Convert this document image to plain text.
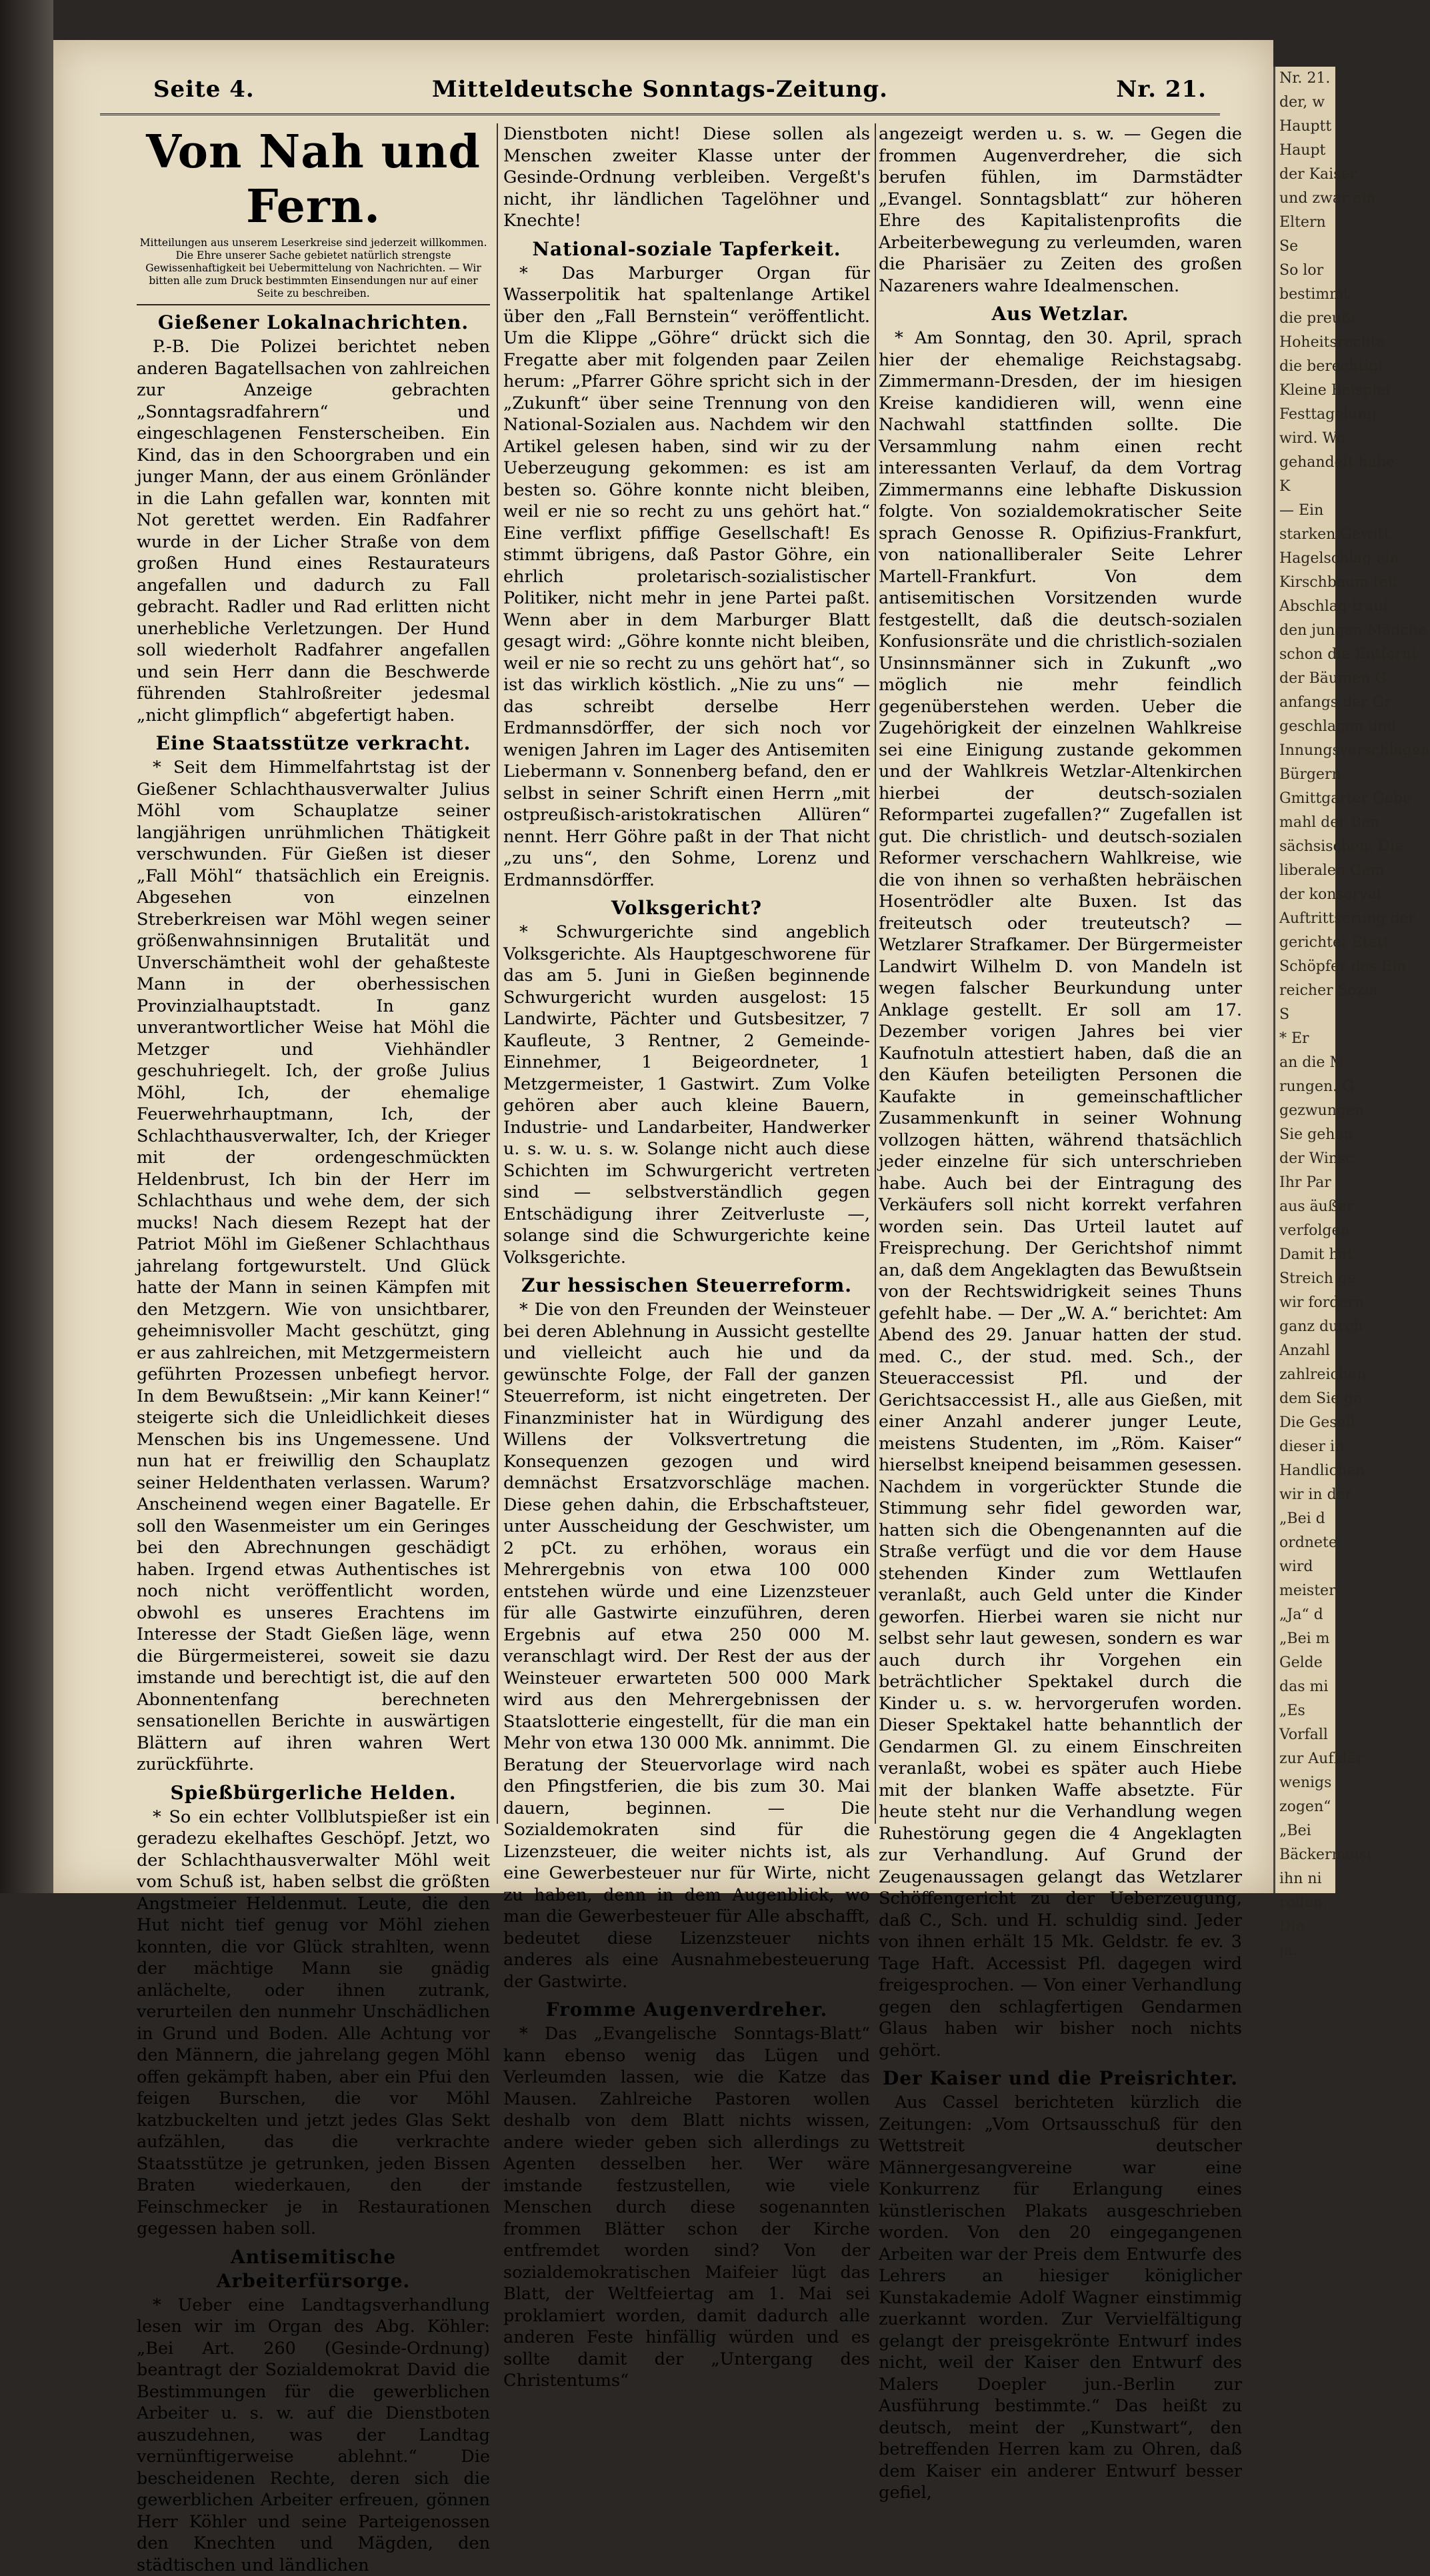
Nr. 21.
der, w
Hauptt
Haupt
der Kaiser
und zwar ein
Eltern
Se
So lor
bestimmt
die preußi
Hoheitsrechte
die berechtigt
Kleine Beispiel
Festtagelung
wird. Wo
gehandelt habe
K
— Ein
starken Gewitt
Hagelschlag ein
Kirschbaum teil
Abschlag traut
den jungen Mädche
schon die Entfernt
der Bäumen G
anfangs der Gr
geschlagen und
Innungsverschlägen
Bürgern
Gmittgarter Gebe
mahl der Ben
sächsischen. Die
liberalen Gam
der konservat
Auftrittserung der
gerichtet Etatt
Schöpfer des Ein
reicher Sozia
S
* Er
an die M
rungen. G
gezwungen
Sie gehen
der Winsc
Ihr Par
aus äußer
verfolgen
Damit hat
Streich ge
wir fordern
ganz durch
Anzahl
zahlreichen
dem Sie ge
Die Gesell
dieser in
Handlichen
wir in der
„Bei d
ordnete
wird
meister
„Ja“ d
„Bei m
Gelde
das mi
„Es
Vorfall
zur Aufklär
wenigs
zogen“
„Bei
Bäckermeist
ihn ni
rollen.
Die
ja.
Seite 4.	Mitteldeutsche Sonntags-Zeitung.	Nr. 21.
Von Nah und Fern.
Mitteilungen aus unserem Leserkreise sind jederzeit willkommen. Die Ehre unserer Sache gebietet natürlich strengste Gewissenhaftigkeit bei Uebermittelung von Nachrichten. — Wir bitten alle zum Druck bestimmten Einsendungen nur auf einer Seite zu beschreiben.
Gießener Lokalnachrichten.

P.-B. Die Polizei berichtet neben anderen Bagatellsachen von zahlreichen zur Anzeige gebrachten „Sonntagsradfahrern“ und eingeschlagenen Fensterscheiben. Ein Kind, das in den Schoorgraben und ein junger Mann, der aus einem Grönländer in die Lahn gefallen war, konnten mit Not gerettet werden. Ein Radfahrer wurde in der Licher Straße von dem großen Hund eines Restaurateurs angefallen und dadurch zu Fall gebracht. Radler und Rad erlitten nicht unerhebliche Verletzungen. Der Hund soll wiederholt Radfahrer angefallen und sein Herr dann die Beschwerde führenden Stahlroßreiter jedesmal „nicht glimpflich“ abgefertigt haben.

Eine Staatsstütze verkracht.

* Seit dem Himmelfahrtstag ist der Gießener Schlachthausverwalter Julius Möhl vom Schauplatze seiner langjährigen unrühmlichen Thätigkeit verschwunden. Für Gießen ist dieser „Fall Möhl“ thatsächlich ein Ereignis. Abgesehen von einzelnen Streberkreisen war Möhl wegen seiner größenwahnsinnigen Brutalität und Unverschämtheit wohl der gehaßteste Mann in der oberhessischen Provinzialhauptstadt. In ganz unverantwortlicher Weise hat Möhl die Metzger und Viehhändler geschuhriegelt. Ich, der große Julius Möhl, Ich, der ehemalige Feuerwehrhauptmann, Ich, der Schlachthausverwalter, Ich, der Krieger mit der ordengeschmückten Heldenbrust, Ich bin der Herr im Schlachthaus und wehe dem, der sich mucks! Nach diesem Rezept hat der Patriot Möhl im Gießener Schlachthaus jahrelang fortgewurstelt. Und Glück hatte der Mann in seinen Kämpfen mit den Metzgern. Wie von unsichtbarer, geheimnisvoller Macht geschützt, ging er aus zahlreichen, mit Metzgermeistern geführten Prozessen unbefiegt hervor. In dem Bewußtsein: „Mir kann Keiner!“ steigerte sich die Unleidlichkeit dieses Menschen bis ins Ungemessene. Und nun hat er freiwillig den Schauplatz seiner Heldenthaten verlassen. Warum? Anscheinend wegen einer Bagatelle. Er soll den Wasenmeister um ein Geringes bei den Abrechnungen geschädigt haben. Irgend etwas Authentisches ist noch nicht veröffentlicht worden, obwohl es unseres Erachtens im Interesse der Stadt Gießen läge, wenn die Bürgermeisterei, soweit sie dazu imstande und berechtigt ist, die auf den Abonnentenfang berechneten sensationellen Berichte in auswärtigen Blättern auf ihren wahren Wert zurückführte.

Spießbürgerliche Helden.

* So ein echter Vollblutspießer ist ein geradezu ekelhaftes Geschöpf. Jetzt, wo der Schlachthausverwalter Möhl weit vom Schuß ist, haben selbst die größten Angstmeier Heldenmut. Leute, die den Hut nicht tief genug vor Möhl ziehen konnten, die vor Glück strahlten, wenn der mächtige Mann sie gnädig anlächelte, oder ihnen zutrank, verurteilen den nunmehr Unschädlichen in Grund und Boden. Alle Achtung vor den Männern, die jahrelang gegen Möhl offen gekämpft haben, aber ein Pfui den feigen Burschen, die vor Möhl katzbuckelten und jetzt jedes Glas Sekt aufzählen, das die verkrachte Staatsstütze je getrunken, jeden Bissen Braten wiederkauen, den der Feinschmecker je in Restaurationen gegessen haben soll.

Antisemitische Arbeiterfürsorge.

* Ueber eine Landtagsverhandlung lesen wir im Organ des Abg. Köhler: „Bei Art. 260 (Gesinde-Ordnung) beantragt der Sozialdemokrat David die Bestimmungen für die gewerblichen Arbeiter u. s. w. auf die Dienstboten auszudehnen, was der Landtag vernünftigerweise ablehnt.“ Die bescheidenen Rechte, deren sich die gewerblichen Arbeiter erfreuen, gönnen Herr Köhler und seine Parteigenossen den Knechten und Mägden, den städtischen und ländlichen

Dienstboten nicht! Diese sollen als Menschen zweiter Klasse unter der Gesinde-Ordnung verbleiben. Vergeßt's nicht, ihr ländlichen Tagelöhner und Knechte!

National-soziale Tapferkeit.

* Das Marburger Organ für Wasserpolitik hat spaltenlange Artikel über den „Fall Bernstein“ veröffentlicht. Um die Klippe „Göhre“ drückt sich die Fregatte aber mit folgenden paar Zeilen herum: „Pfarrer Göhre spricht sich in der „Zukunft“ über seine Trennung von den National-Sozialen aus. Nachdem wir den Artikel gelesen haben, sind wir zu der Ueberzeugung gekommen: es ist am besten so. Göhre konnte nicht bleiben, weil er nie so recht zu uns gehört hat.“ Eine verflixt pfiffige Gesellschaft! Es stimmt übrigens, daß Pastor Göhre, ein ehrlich proletarisch-sozialistischer Politiker, nicht mehr in jene Partei paßt. Wenn aber in dem Marburger Blatt gesagt wird: „Göhre konnte nicht bleiben, weil er nie so recht zu uns gehört hat“, so ist das wirklich köstlich. „Nie zu uns“ — das schreibt derselbe Herr Erdmannsdörffer, der sich noch vor wenigen Jahren im Lager des Antisemiten Liebermann v. Sonnenberg befand, den er selbst in seiner Schrift einen Herrn „mit ostpreußisch-aristokratischen Allüren“ nennt. Herr Göhre paßt in der That nicht „zu uns“, den Sohme, Lorenz und Erdmannsdörffer.

Volksgericht?

* Schwurgerichte sind angeblich Volksgerichte. Als Hauptgeschworene für das am 5. Juni in Gießen beginnende Schwurgericht wurden ausgelost: 15 Landwirte, Pächter und Gutsbesitzer, 7 Kaufleute, 3 Rentner, 2 Gemeinde-Einnehmer, 1 Beigeordneter, 1 Metzgermeister, 1 Gastwirt. Zum Volke gehören aber auch kleine Bauern, Industrie- und Landarbeiter, Handwerker u. s. w. u. s. w. Solange nicht auch diese Schichten im Schwurgericht vertreten sind — selbstverständlich gegen Entschädigung ihrer Zeitverluste —, solange sind die Schwurgerichte keine Volksgerichte.

Zur hessischen Steuerreform.

* Die von den Freunden der Weinsteuer bei deren Ablehnung in Aussicht gestellte und vielleicht auch hie und da gewünschte Folge, der Fall der ganzen Steuerreform, ist nicht eingetreten. Der Finanzminister hat in Würdigung des Willens der Volksvertretung die Konsequenzen gezogen und wird demnächst Ersatzvorschläge machen. Diese gehen dahin, die Erbschaftsteuer, unter Ausscheidung der Geschwister, um 2 pCt. zu erhöhen, woraus ein Mehrergebnis von etwa 100 000 entstehen würde und eine Lizenzsteuer für alle Gastwirte einzuführen, deren Ergebnis auf etwa 250 000 M. veranschlagt wird. Der Rest der aus der Weinsteuer erwarteten 500 000 Mark wird aus den Mehrergebnissen der Staatslotterie eingestellt, für die man ein Mehr von etwa 130 000 Mk. annimmt. Die Beratung der Steuervorlage wird nach den Pfingstferien, die bis zum 30. Mai dauern, beginnen. — Die Sozialdemokraten sind für die Lizenzsteuer, die weiter nichts ist, als eine Gewerbesteuer nur für Wirte, nicht zu haben, denn in dem Augenblick, wo man die Gewerbesteuer für Alle abschafft, bedeutet diese Lizenzsteuer nichts anderes als eine Ausnahmebesteuerung der Gastwirte.

Fromme Augenverdreher.

* Das „Evangelische Sonntags-Blatt“ kann ebenso wenig das Lügen und Verleumden lassen, wie die Katze das Mausen. Zahlreiche Pastoren wollen deshalb von dem Blatt nichts wissen, andere wieder geben sich allerdings zu Agenten desselben her. Wer wäre imstande festzustellen, wie viele Menschen durch diese sogenannten frommen Blätter schon der Kirche entfremdet worden sind? Von der sozialdemokratischen Maifeier lügt das Blatt, der Weltfeiertag am 1. Mai sei proklamiert worden, damit dadurch alle anderen Feste hinfällig würden und es sollte damit der „Untergang des Christentums“

angezeigt werden u. s. w. — Gegen die frommen Augenverdreher, die sich berufen fühlen, im Darmstädter „Evangel. Sonntagsblatt“ zur höheren Ehre des Kapitalistenprofits die Arbeiterbewegung zu verleumden, waren die Pharisäer zu Zeiten des großen Nazareners wahre Idealmenschen.

Aus Wetzlar.

* Am Sonntag, den 30. April, sprach hier der ehemalige Reichstagsabg. Zimmermann-Dresden, der im hiesigen Kreise kandidieren will, wenn eine Nachwahl stattfinden sollte. Die Versammlung nahm einen recht interessanten Verlauf, da dem Vortrag Zimmermanns eine lebhafte Diskussion folgte. Von sozialdemokratischer Seite sprach Genosse R. Opifizius-Frankfurt, von nationalliberaler Seite Lehrer Martell-Frankfurt. Von dem antisemitischen Vorsitzenden wurde festgestellt, daß die deutsch-sozialen Konfusionsräte und die christlich-sozialen Unsinnsmänner sich in Zukunft „wo möglich nie mehr feindlich gegenüberstehen werden. Ueber die Zugehörigkeit der einzelnen Wahlkreise sei eine Einigung zustande gekommen und der Wahlkreis Wetzlar-Altenkirchen hierbei der deutsch-sozialen Reformpartei zugefallen?“ Zugefallen ist gut. Die christlich- und deutsch-sozialen Reformer verschachern Wahlkreise, wie die von ihnen so verhaßten hebräischen Hosentrödler alte Buxen. Ist das freiteutsch oder treuteutsch? — Wetzlarer Strafkamer. Der Bürgermeister Landwirt Wilhelm D. von Mandeln ist wegen falscher Beurkundung unter Anklage gestellt. Er soll am 17. Dezember vorigen Jahres bei vier Kaufnotuln attestiert haben, daß die an den Käufen beteiligten Personen die Kaufakte in gemeinschaftlicher Zusammenkunft in seiner Wohnung vollzogen hätten, während thatsächlich jeder einzelne für sich unterschrieben habe. Auch bei der Eintragung des Verkäufers soll nicht korrekt verfahren worden sein. Das Urteil lautet auf Freisprechung. Der Gerichtshof nimmt an, daß dem Angeklagten das Bewußtsein von der Rechtswidrigkeit seines Thuns gefehlt habe. — Der „W. A.“ berichtet: Am Abend des 29. Januar hatten der stud. med. C., der stud. med. Sch., der Steueraccessist Pfl. und der Gerichtsaccessist H., alle aus Gießen, mit einer Anzahl anderer junger Leute, meistens Studenten, im „Röm. Kaiser“ hierselbst kneipend beisammen gesessen. Nachdem in vorgerückter Stunde die Stimmung sehr fidel geworden war, hatten sich die Obengenannten auf die Straße verfügt und die vor dem Hause stehenden Kinder zum Wettlaufen veranlaßt, auch Geld unter die Kinder geworfen. Hierbei waren sie nicht nur selbst sehr laut gewesen, sondern es war auch durch ihr Vorgehen ein beträchtlicher Spektakel durch die Kinder u. s. w. hervorgerufen worden. Dieser Spektakel hatte behanntlich der Gendarmen Gl. zu einem Einschreiten veranlaßt, wobei es später auch Hiebe mit der blanken Waffe absetzte. Für heute steht nur die Verhandlung wegen Ruhestörung gegen die 4 Angeklagten zur Verhandlung. Auf Grund der Zeugenaussagen gelangt das Wetzlarer Schöffengericht zu der Ueberzeugung, daß C., Sch. und H. schuldig sind. Jeder von ihnen erhält 15 Mk. Geldstr. fe ev. 3 Tage Haft. Accessist Pfl. dagegen wird freigesprochen. — Von einer Verhandlung gegen den schlagfertigen Gendarmen Glaus haben wir bisher noch nichts gehört.

Der Kaiser und die Preisrichter.

Aus Cassel berichteten kürzlich die Zeitungen: „Vom Ortsausschuß für den Wettstreit deutscher Männergesangvereine war eine Konkurrenz für Erlangung eines künstlerischen Plakats ausgeschrieben worden. Von den 20 eingegangenen Arbeiten war der Preis dem Entwurfe des Lehrers an hiesiger königlicher Kunstakademie Adolf Wagner einstimmig zuerkannt worden. Zur Vervielfältigung gelangt der preisgekrönte Entwurf indes nicht, weil der Kaiser den Entwurf des Malers Doepler jun.-Berlin zur Ausführung bestimmte.“ Das heißt zu deutsch, meint der „Kunstwart“, den betreffenden Herren kam zu Ohren, daß dem Kaiser ein anderer Entwurf besser gefiel,
